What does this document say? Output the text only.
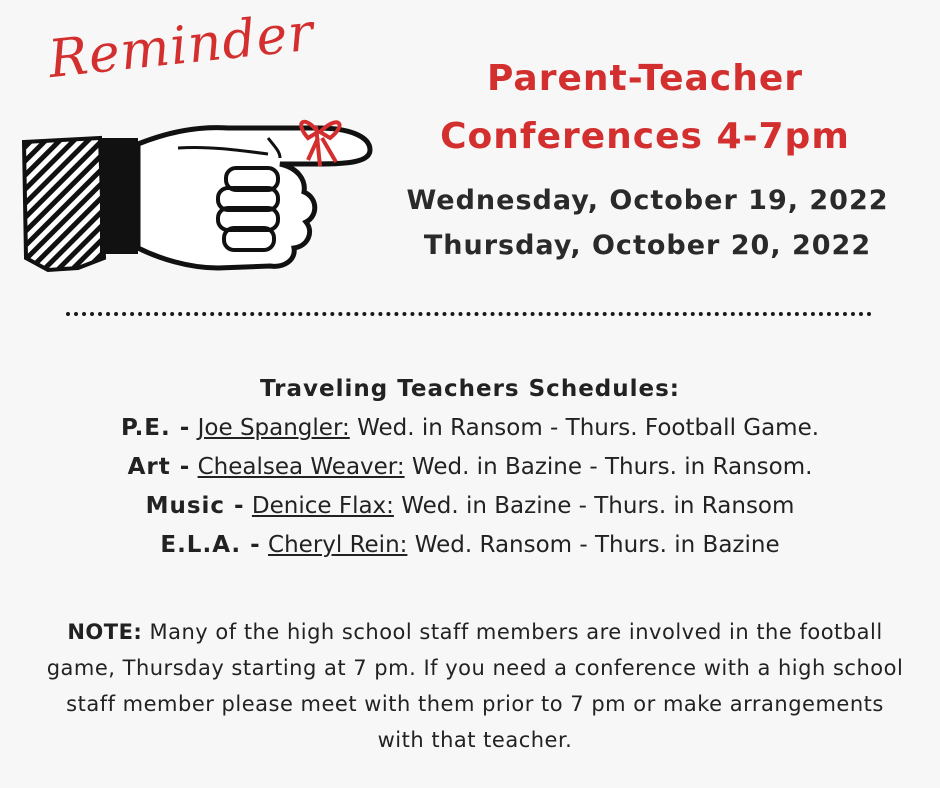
Reminder	Parent-Teacher
Conferences 4-7pm
Wednesday, October 19, 2022
Thursday, October 20, 2022
Traveling Teachers Schedules:
P.E. - Joe Spangler: Wed. in Ransom - Thurs. Football Game.
Art - Chealsea Weaver: Wed. in Bazine - Thurs. in Ransom.
Music - Denice Flax: Wed. in Bazine - Thurs. in Ransom
E.L.A. - Cheryl Rein: Wed. Ransom - Thurs. in Bazine
NOTE: Many of the high school staff members are involved in the football game, Thursday starting at 7 pm. If you need a conference with a high school staff member please meet with them prior to 7 pm or make arrangements with that teacher.
